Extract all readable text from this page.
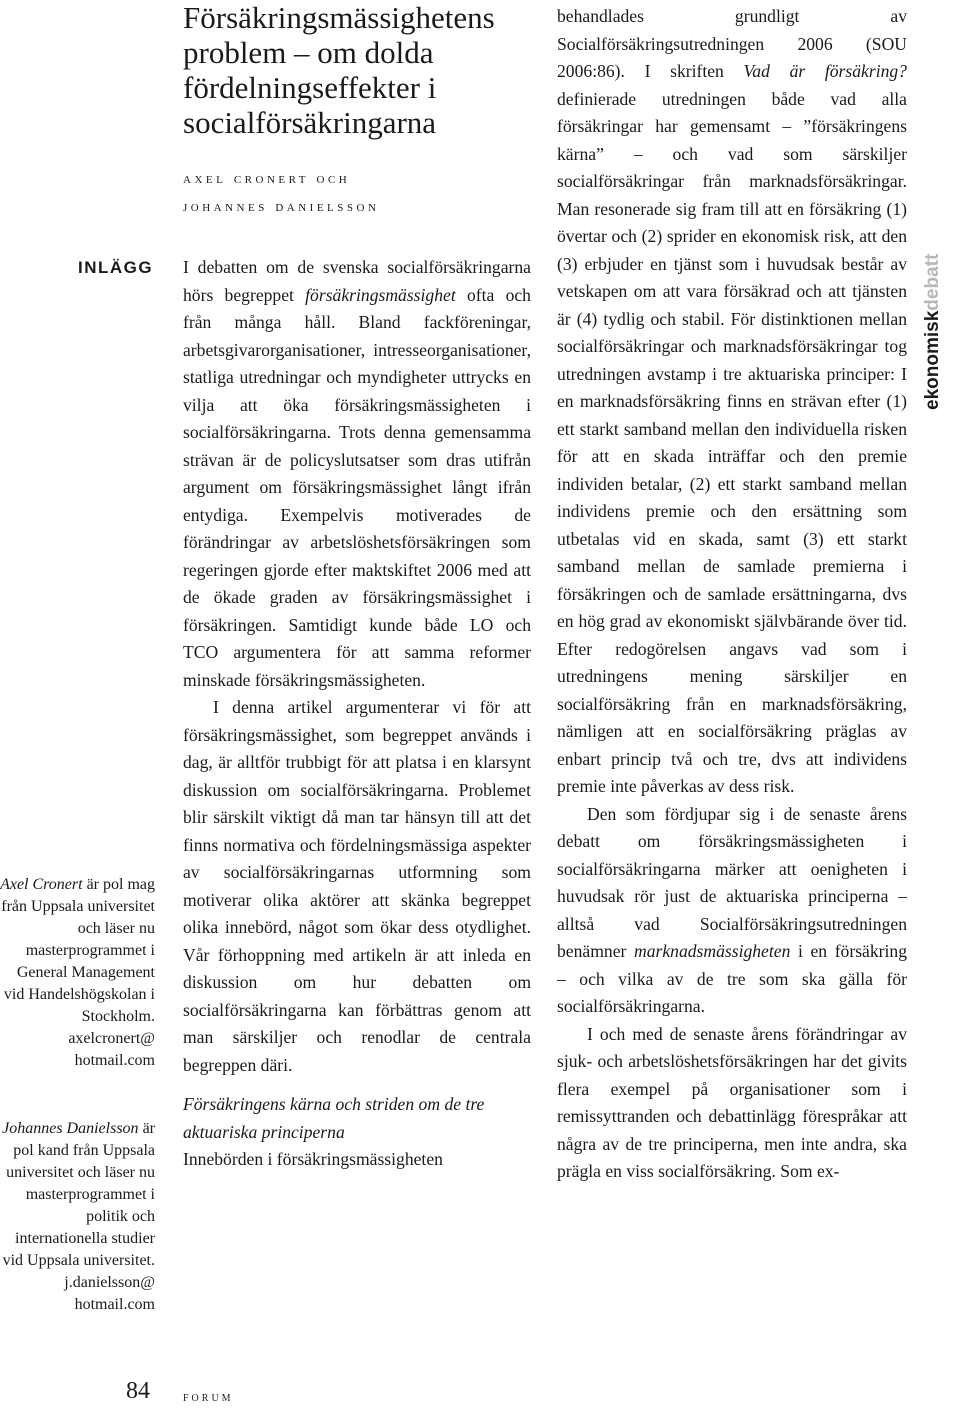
INLÄGG
Axel Cronert är pol mag från Uppsala universitet och läser nu masterprogrammet i General Management vid Handelshögskolan i Stockholm. axelcronert@ hotmail.com
Johannes Danielsson är pol kand från Uppsala universitet och läser nu masterprogrammet i politik och internationella studier vid Uppsala universitet. j.danielsson@ hotmail.com
Försäkringsmässighetens problem – om dolda fördelningseffekter i socialförsäkringarna
axel cronert och
johannes danielsson

I debatten om de svenska socialförsäkringarna hörs begreppet försäkringsmässighet ofta och från många håll. Bland fackföreningar, arbetsgivarorganisationer, intresseorganisationer, statliga utredningar och myndigheter uttrycks en vilja att öka försäkringsmässigheten i socialförsäkringarna. Trots denna gemensamma strävan är de policyslutsatser som dras utifrån argument om försäkringsmässighet långt ifrån entydiga. Exempelvis motiverades de förändringar av arbetslöshetsförsäkringen som regeringen gjorde efter maktskiftet 2006 med att de ökade graden av försäkringsmässighet i försäkringen. Samtidigt kunde både LO och TCO argumentera för att samma reformer minskade försäkringsmässigheten.

I denna artikel argumenterar vi för att försäkringsmässighet, som begreppet används i dag, är alltför trubbigt för att platsa i en klarsynt diskussion om socialförsäkringarna. Problemet blir särskilt viktigt då man tar hänsyn till att det finns normativa och fördelningsmässiga aspekter av socialförsäkringarnas utformning som motiverar olika aktörer att skänka begreppet olika innebörd, något som ökar dess otydlighet. Vår förhoppning med artikeln är att inleda en diskussion om hur debatten om socialförsäkringarna kan förbättras genom att man särskiljer och renodlar de centrala begreppen däri.

Försäkringens kärna och striden om de tre aktuariska principerna

Innebörden i försäkringsmässigheten

behandlades grundligt av Socialförsäkringsutredningen 2006 (SOU 2006:86). I skriften Vad är försäkring? definierade utredningen både vad alla försäkringar har gemensamt – ”försäkringens kärna” – och vad som särskiljer socialförsäkringar från marknadsförsäkringar. Man resonerade sig fram till att en försäkring (1) övertar och (2) sprider en ekonomisk risk, att den (3) erbjuder en tjänst som i huvudsak består av vetskapen om att vara försäkrad och att tjänsten är (4) tydlig och stabil. För distinktionen mellan socialförsäkringar och marknadsförsäkringar tog utredningen avstamp i tre aktuariska principer: I en marknadsförsäkring finns en strävan efter (1) ett starkt samband mellan den individuella risken för att en skada inträffar och den premie individen betalar, (2) ett starkt samband mellan individens premie och den ersättning som utbetalas vid en skada, samt (3) ett starkt samband mellan de samlade premierna i försäkringen och de samlade ersättningarna, dvs en hög grad av ekonomiskt självbärande över tid. Efter redogörelsen angavs vad som i utredningens mening särskiljer en socialförsäkring från en marknadsförsäkring, nämligen att en socialförsäkring präglas av enbart princip två och tre, dvs att individens premie inte påverkas av dess risk.

Den som fördjupar sig i de senaste årens debatt om försäkringsmässigheten i socialförsäkringarna märker att oenigheten i huvudsak rör just de aktuariska principerna – alltså vad Socialförsäkringsutredningen benämner marknadsmässigheten i en försäkring – och vilka av de tre som ska gälla för socialförsäkringarna.

I och med de senaste årens förändringar av sjuk- och arbetslöshetsförsäkringen har det givits flera exempel på organisationer som i remissyttranden och debattinlägg förespråkar att några av de tre principerna, men inte andra, ska prägla en viss socialförsäkring. Som ex-

ekonomiskdebatt
84 forum
